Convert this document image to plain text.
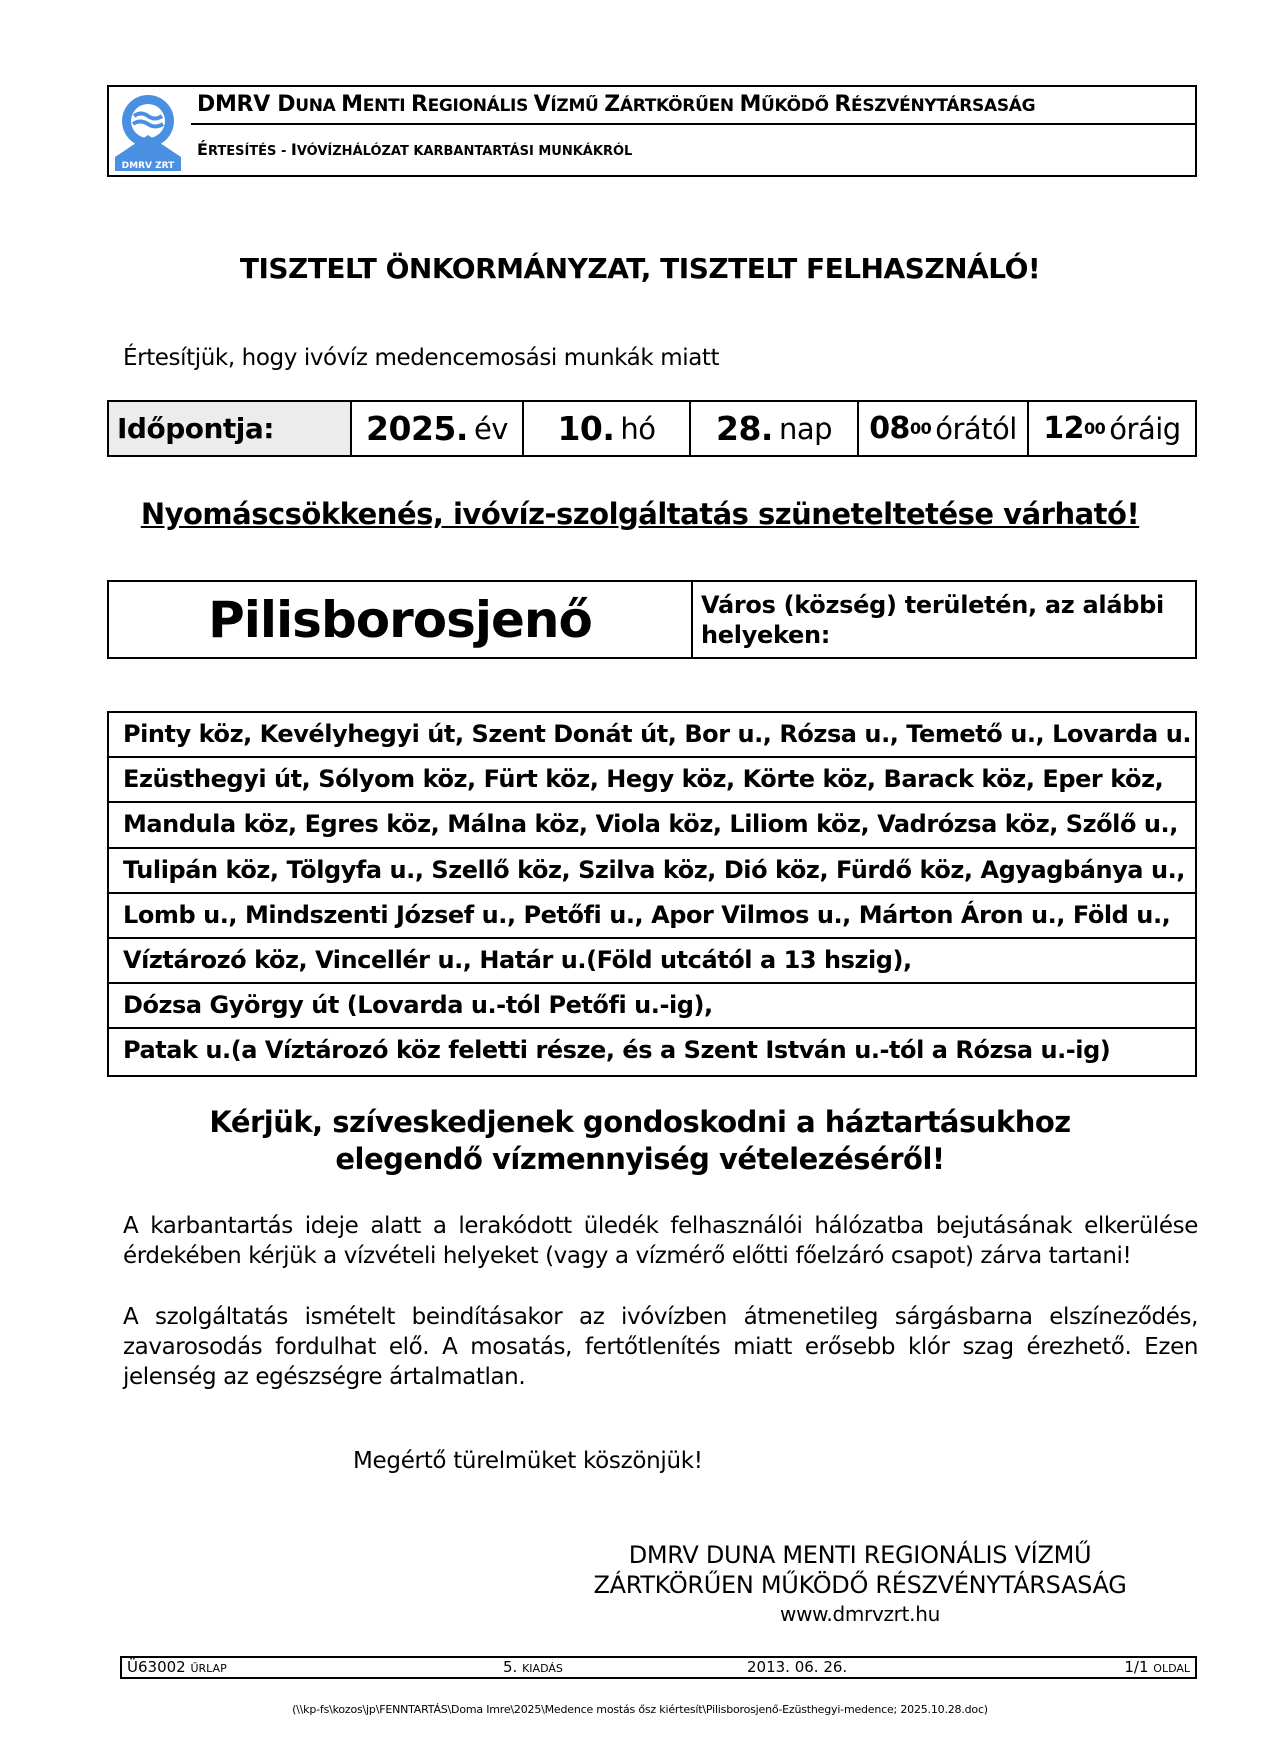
DMRV ZRT
DMRV DUNA MENTI REGIONÁLIS VÍZMŰ ZÁRTKÖRŰEN MŰKÖDŐ RÉSZVÉNYTÁRSASÁG
ÉRTESÍTÉS - IVÓVÍZHÁLÓZAT KARBANTARTÁSI MUNKÁKRÓL
TISZTELT ÖNKORMÁNYZAT, TISZTELT FELHASZNÁLÓ!
Értesítjük, hogy ivóvíz medencemosási munkák miatt
Időpontja:	2025. év 10. hó 28. nap 08 00 órától 12 00 óráig
Nyomáscsökkenés, ivóvíz-szolgáltatás szüneteltetése várható!
Pilisborosjenő	Város (község) területén, az alábbi helyeken:
Pinty köz, Kevélyhegyi út, Szent Donát út, Bor u., Rózsa u., Temető u., Lovarda u.
Ezüsthegyi út, Sólyom köz, Fürt köz, Hegy köz, Körte köz, Barack köz, Eper köz,
Mandula köz, Egres köz, Málna köz, Viola köz, Liliom köz, Vadrózsa köz, Szőlő u.,
Tulipán köz, Tölgyfa u., Szellő köz, Szilva köz, Dió köz, Fürdő köz, Agyagbánya u.,
Lomb u., Mindszenti József u., Petőfi u., Apor Vilmos u., Márton Áron u., Föld u.,
Víztározó köz, Vincellér u., Határ u.(Föld utcától a 13 hszig),
Dózsa György út (Lovarda u.-tól Petőfi u.-ig),
Patak u.(a Víztározó köz feletti része, és a Szent István u.-tól a Rózsa u.-ig)
Kérjük, szíveskedjenek gondoskodni a háztartásukhoz
elegendő vízmennyiség vételezéséről!
A karbantartás ideje alatt a lerakódott üledék felhasználói hálózatba bejutásának elkerülése érdekében kérjük a vízvételi helyeket (vagy a vízmérő előtti főelzáró csapot) zárva tartani!
A szolgáltatás ismételt beindításakor az ivóvízben átmenetileg sárgásbarna elszíneződés, zavarosodás fordulhat elő. A mosatás, fertőtlenítés miatt erősebb klór szag érezhető. Ezen jelenség az egészségre ártalmatlan.
Megértő türelmüket köszönjük!
DMRV DUNA MENTI REGIONÁLIS VÍZMŰ
ZÁRTKÖRŰEN MŰKÖDŐ RÉSZVÉNYTÁRSASÁG
www.dmrvzrt.hu
Ü63002 ŰRLAP	5. KIADÁS	2013. 06. 26.	1/1 OLDAL
(\\kp-fs\kozos\jp\FENNTARTÁS\Doma Imre\2025\Medence mostás ősz kiértesít\Pilisborosjenő-Ezüsthegyi-medence; 2025.10.28.doc)
